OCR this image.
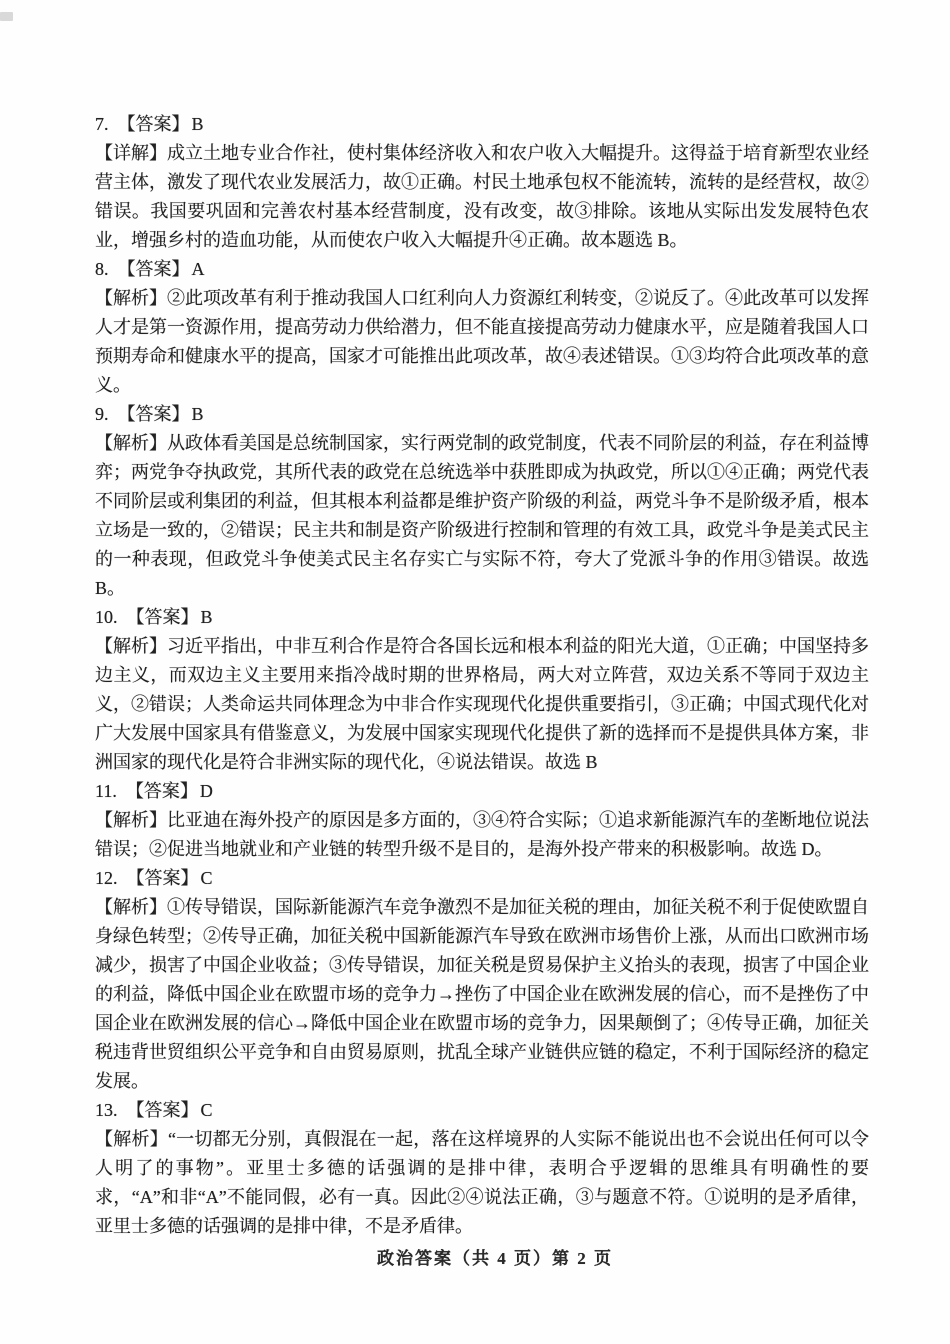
7. 【答案】 B

【详解】成立土地专业合作社，使村集体经济收入和农户收入大幅提升。这得益于培育新型农业经营主体，激发了现代农业发展活力，故①正确。村民土地承包权不能流转，流转的是经营权，故②错误。我国要巩固和完善农村基本经营制度，没有改变，故③排除。该地从实际出发发展特色农业，增强乡村的造血功能，从而使农户收入大幅提升④正确。故本题选 B。

8. 【答案】 A

【解析】②此项改革有利于推动我国人口红利向人力资源红利转变，②说反了。④此改革可以发挥人才是第一资源作用，提高劳动力供给潜力，但不能直接提高劳动力健康水平，应是随着我国人口预期寿命和健康水平的提高，国家才可能推出此项改革，故④表述错误。①③均符合此项改革的意义。

9. 【答案】 B

【解析】从政体看美国是总统制国家，实行两党制的政党制度，代表不同阶层的利益，存在利益博弈；两党争夺执政党，其所代表的政党在总统选举中获胜即成为执政党，所以①④正确；两党代表不同阶层或利集团的利益，但其根本利益都是维护资产阶级的利益，两党斗争不是阶级矛盾，根本立场是一致的，②错误；民主共和制是资产阶级进行控制和管理的有效工具，政党斗争是美式民主的一种表现，但政党斗争使美式民主名存实亡与实际不符，夸大了党派斗争的作用③错误。故选 B。

10. 【答案】 B

【解析】习近平指出，中非互利合作是符合各国长远和根本利益的阳光大道，①正确；中国坚持多边主义，而双边主义主要用来指冷战时期的世界格局，两大对立阵营，双边关系不等同于双边主义，②错误；人类命运共同体理念为中非合作实现现代化提供重要指引，③正确；中国式现代化对广大发展中国家具有借鉴意义，为发展中国家实现现代化提供了新的选择而不是提供具体方案，非洲国家的现代化是符合非洲实际的现代化，④说法错误。故选 B

11. 【答案】 D

【解析】比亚迪在海外投产的原因是多方面的，③④符合实际；①追求新能源汽车的垄断地位说法错误；②促进当地就业和产业链的转型升级不是目的，是海外投产带来的积极影响。故选 D。

12. 【答案】 C

【解析】①传导错误，国际新能源汽车竞争激烈不是加征关税的理由，加征关税不利于促使欧盟自身绿色转型；②传导正确，加征关税中国新能源汽车导致在欧洲市场售价上涨，从而出口欧洲市场减少，损害了中国企业收益；③传导错误，加征关税是贸易保护主义抬头的表现，损害了中国企业的利益，降低中国企业在欧盟市场的竞争力→挫伤了中国企业在欧洲发展的信心，而不是挫伤了中国企业在欧洲发展的信心→降低中国企业在欧盟市场的竞争力，因果颠倒了；④传导正确，加征关税违背世贸组织公平竞争和自由贸易原则，扰乱全球产业链供应链的稳定，不利于国际经济的稳定发展。

13. 【答案】 C

【解析】“一切都无分别，真假混在一起，落在这样境界的人实际不能说出也不会说出任何可以令人明了的事物”。亚里士多德的话强调的是排中律，表明合乎逻辑的思维具有明确性的要求，“A”和非“A”不能同假，必有一真。因此②④说法正确，③与题意不符。①说明的是矛盾律，亚里士多德的话强调的是排中律，不是矛盾律。

政治答案（共 4 页）第 2 页
